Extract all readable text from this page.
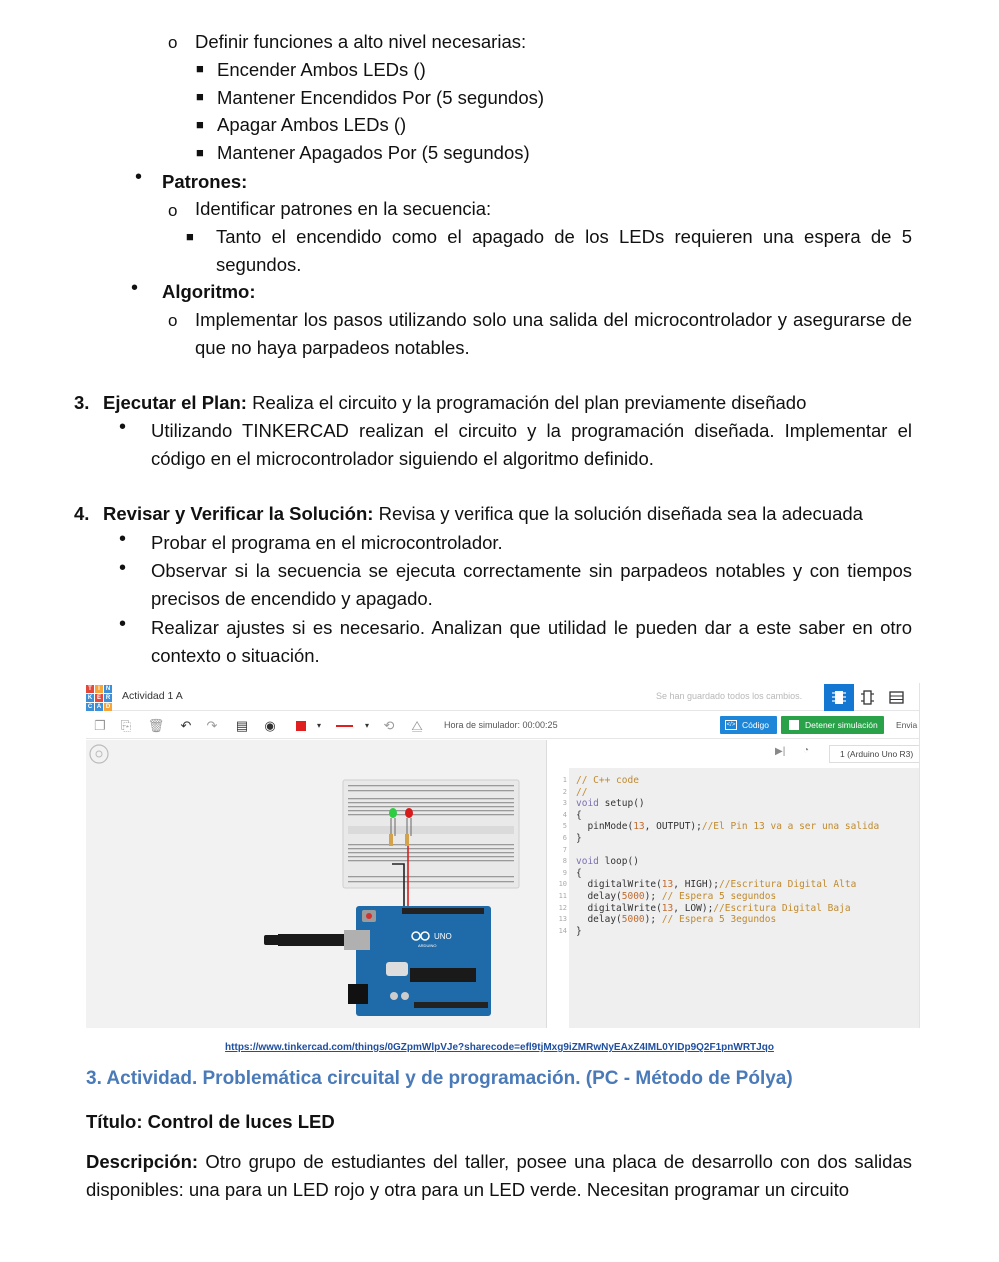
o Definir funciones a alto nivel necesarias:
■ Encender Ambos LEDs ()
■ Mantener Encendidos Por (5 segundos)
■ Apagar Ambos LEDs ()
■ Mantener Apagados Por (5 segundos)
• Patrones:
o Identificar patrones en la secuencia:
■ Tanto el encendido como el apagado de los LEDs requieren una espera de 5 segundos.
• Algoritmo:
o Implementar los pasos utilizando solo una salida del microcontrolador y asegurarse de que no haya parpadeos notables.
3. Ejecutar el Plan: Realiza el circuito y la programación del plan previamente diseñado
• Utilizando TINKERCAD realizan el circuito y la programación diseñada. Implementar el código en el microcontrolador siguiendo el algoritmo definido.
4. Revisar y Verificar la Solución: Revisa y verifica que la solución diseñada sea la adecuada
• Probar el programa en el microcontrolador.
• Observar si la secuencia se ejecuta correctamente sin parpadeos notables y con tiempos precisos de encendido y apagado.
• Realizar ajustes si es necesario. Analizan que utilidad le pueden dar a este saber en otro contexto o situación.
T	I	N
K E R
C A D
Actividad 1 A	Se han guardado todos los cambios.
❐ ⎘ 🗑 ↶ ↷ ▤ ◉	▾	▾	⟲ ⧋	Hora de simulador: 00:00:25	</> Código	Detener simulación	Envia
ARDUINO
UNO
▶| ◔	1 (Arduino Uno R3)
1
2
3
4
5
6
7
8
9
10
11
12
13
14
// C++ code
//
void setup()
{
pinMode(13, OUTPUT);//El Pin 13 va a ser una salida
}
void loop()
{
digitalWrite(13, HIGH);//Escritura Digital Alta
delay(5000); // Espera 5 segundos
digitalWrite(13, LOW);//Escritura Digital Baja
delay(5000); // Espera 5 3egundos
}
https://www.tinkercad.com/things/0GZpmWlpVJe?sharecode=efl9tjMxg9iZMRwNyEAxZ4IML0YIDp9Q2F1pnWRTJqo
3. Actividad. Problemática circuital y de programación. (PC - Método de Pólya)
Título: Control de luces LED
Descripción: Otro grupo de estudiantes del taller, posee una placa de desarrollo con dos salidas disponibles: una para un LED rojo y otra para un LED verde. Necesitan programar un circuito
